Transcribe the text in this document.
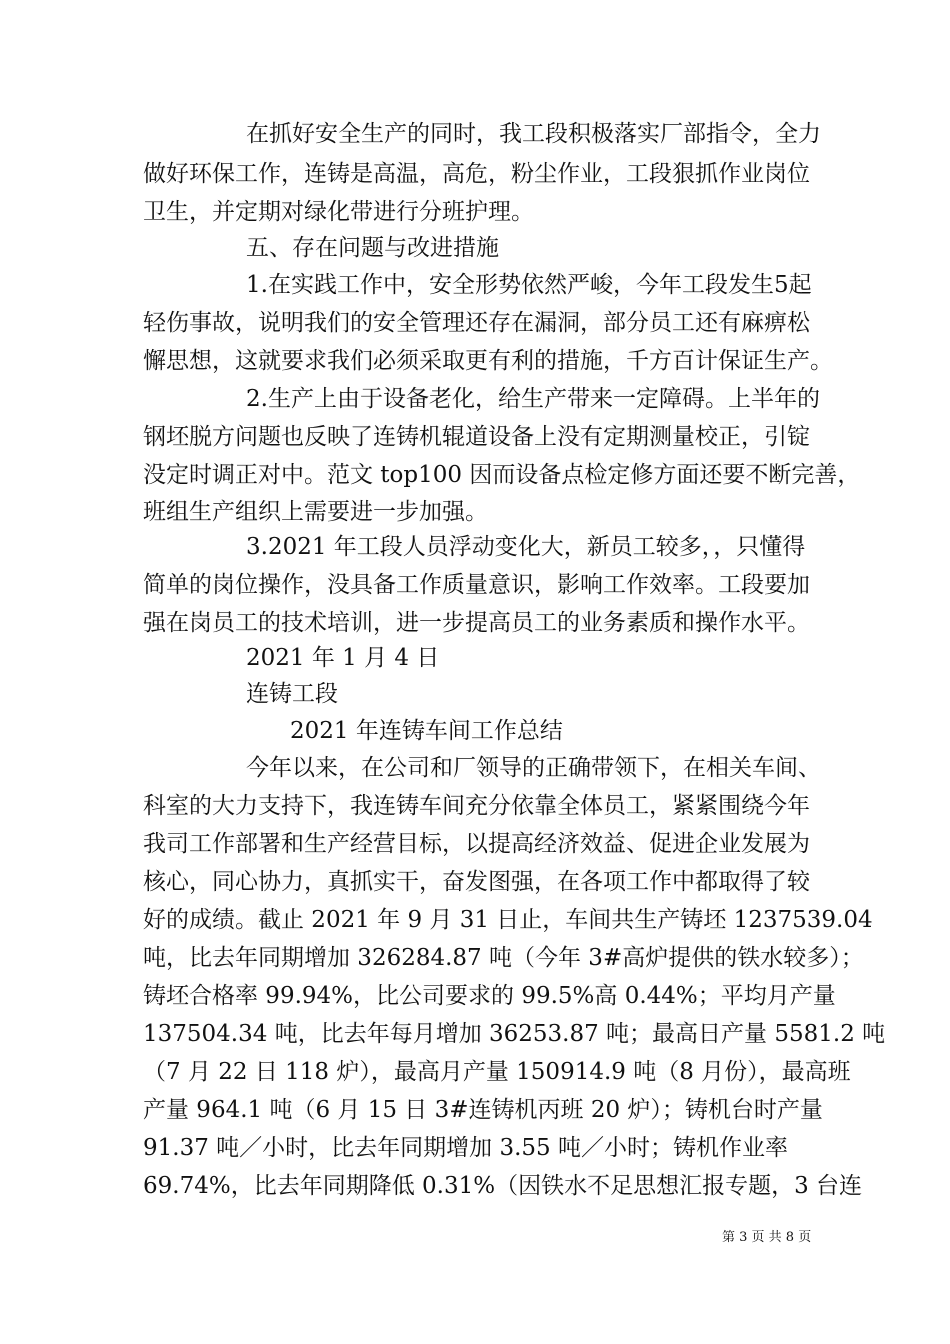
在抓好安全生产的同时，我工段积极落实厂部指令，全力
做好环保工作，连铸是高温，高危，粉尘作业，工段狠抓作业岗位
卫生，并定期对绿化带进行分班护理。
五、存在问题与改进措施
1.在实践工作中，安全形势依然严峻，今年工段发生5起
轻伤事故，说明我们的安全管理还存在漏洞，部分员工还有麻痹松
懈思想，这就要求我们必须采取更有利的措施，千方百计保证生产。
2.生产上由于设备老化，给生产带来一定障碍。上半年的
钢坯脱方问题也反映了连铸机辊道设备上没有定期测量校正，引锭
没定时调正对中。范文 top100 因而设备点检定修方面还要不断完善，
班组生产组织上需要进一步加强。
3.2021 年工段人员浮动变化大，新员工较多，，只懂得
简单的岗位操作，没具备工作质量意识，影响工作效率。工段要加
强在岗员工的技术培训，进一步提高员工的业务素质和操作水平。
2021 年 1 月 4 日
连铸工段
2021 年连铸车间工作总结
今年以来，在公司和厂领导的正确带领下，在相关车间、
科室的大力支持下，我连铸车间充分依靠全体员工，紧紧围绕今年
我司工作部署和生产经营目标，以提高经济效益、促进企业发展为
核心，同心协力，真抓实干，奋发图强，在各项工作中都取得了较
好的成绩。截止 2021 年 9 月 31 日止，车间共生产铸坯 1237539.04
吨，比去年同期增加 326284.87 吨（今年 3#高炉提供的铁水较多）；
铸坯合格率 99.94%，比公司要求的 99.5%高 0.44%；平均月产量
137504.34 吨，比去年每月增加 36253.87 吨；最高日产量 5581.2 吨
（7 月 22 日 118 炉），最高月产量 150914.9 吨（8 月份），最高班
产量 964.1 吨（6 月 15 日 3#连铸机丙班 20 炉）；铸机台时产量
91.37 吨／小时，比去年同期增加 3.55 吨／小时；铸机作业率
69.74%，比去年同期降低 0.31%（因铁水不足思想汇报专题，3 台连
第 3 页 共 8 页
